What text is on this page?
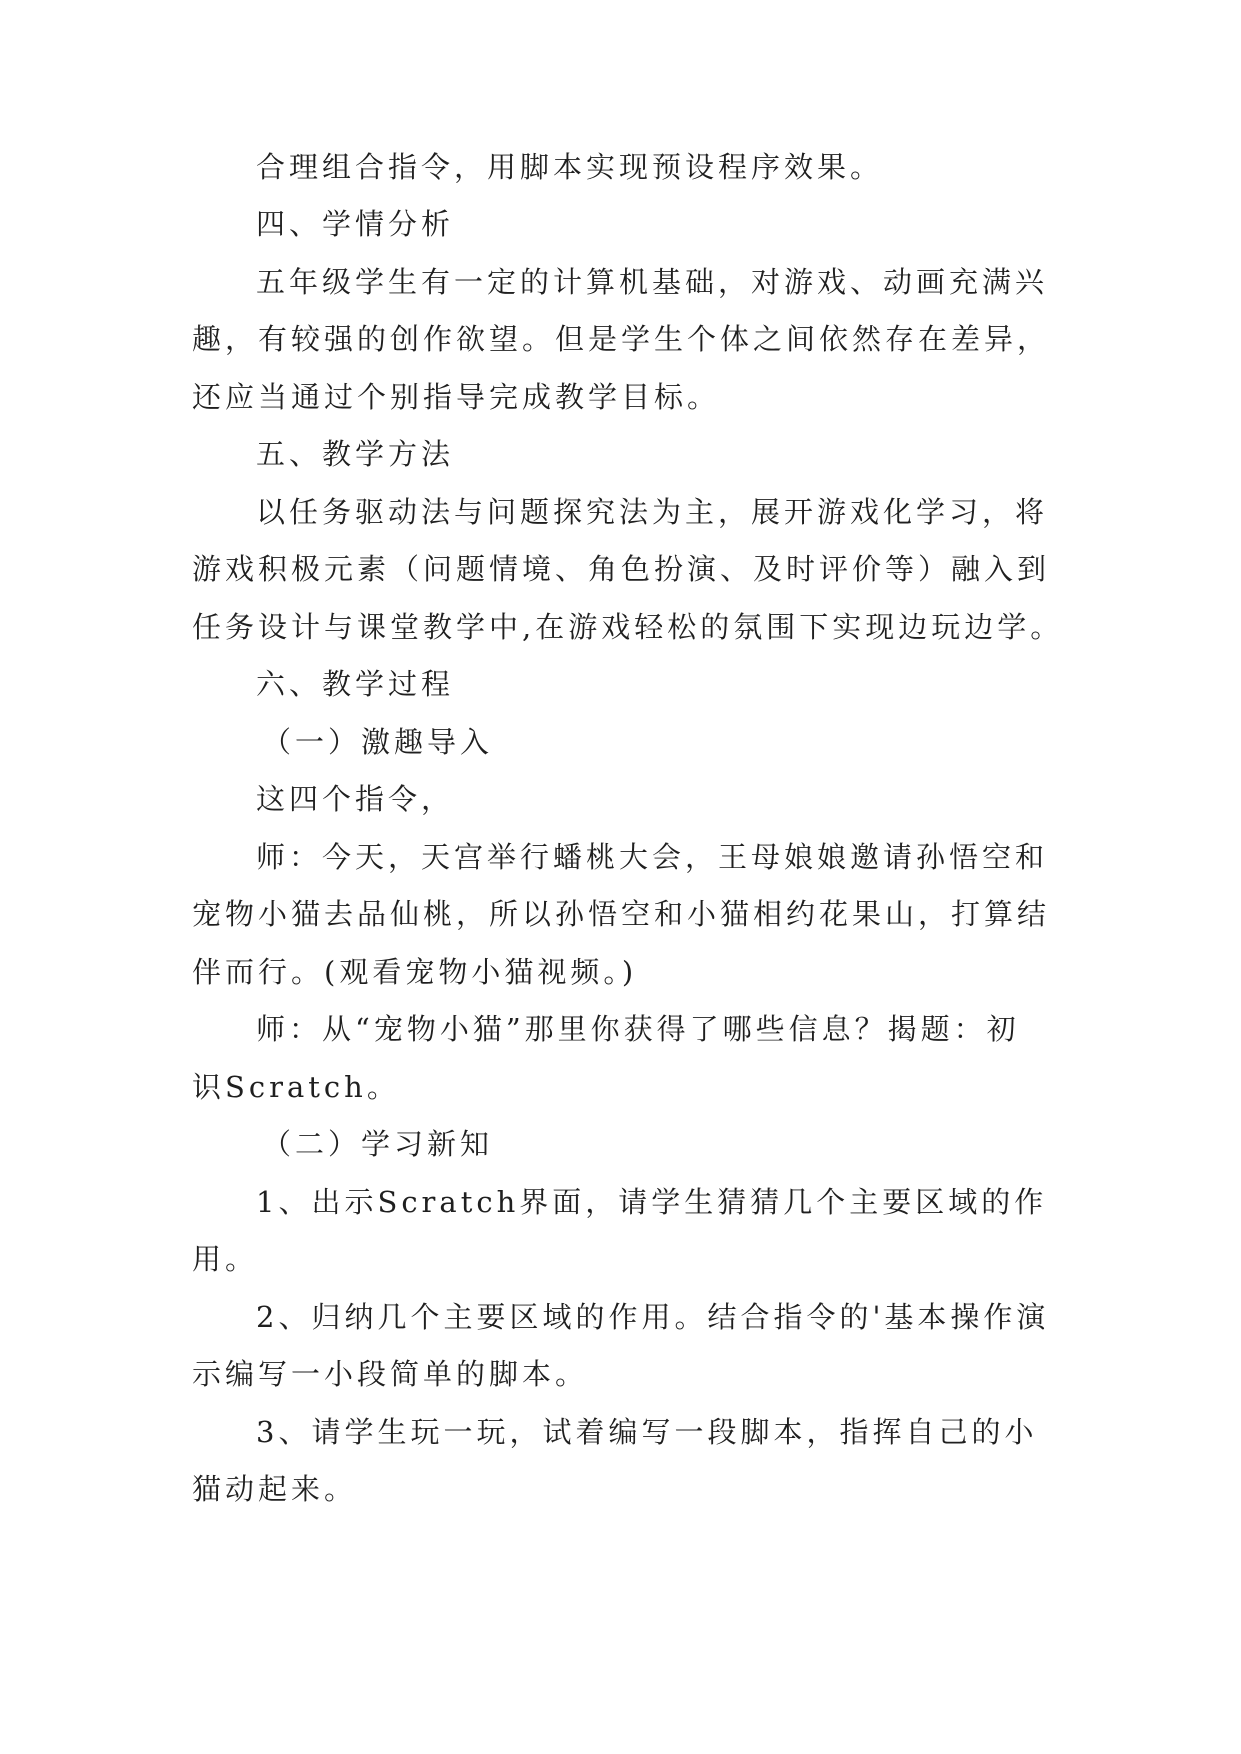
合理组合指令，用脚本实现预设程序效果。
四、学情分析
五年级学生有一定的计算机基础，对游戏、动画充满兴
趣，有较强的创作欲望。但是学生个体之间依然存在差异，
还应当通过个别指导完成教学目标。
五、教学方法
以任务驱动法与问题探究法为主，展开游戏化学习，将
游戏积极元素（问题情境、角色扮演、及时评价等）融入到
任务设计与课堂教学中,在游戏轻松的氛围下实现边玩边学。
六、教学过程
（一）激趣导入
这四个指令，
师：今天，天宫举行蟠桃大会，王母娘娘邀请孙悟空和
宠物小猫去品仙桃，所以孙悟空和小猫相约花果山，打算结
伴而行。(观看宠物小猫视频。)
师：从“宠物小猫”那里你获得了哪些信息？揭题：初
识Scratch。
（二）学习新知
1、出示Scratch界面，请学生猜猜几个主要区域的作
用。
2、归纳几个主要区域的作用。结合指令的'基本操作演
示编写一小段简单的脚本。
3、请学生玩一玩，试着编写一段脚本，指挥自己的小
猫动起来。
